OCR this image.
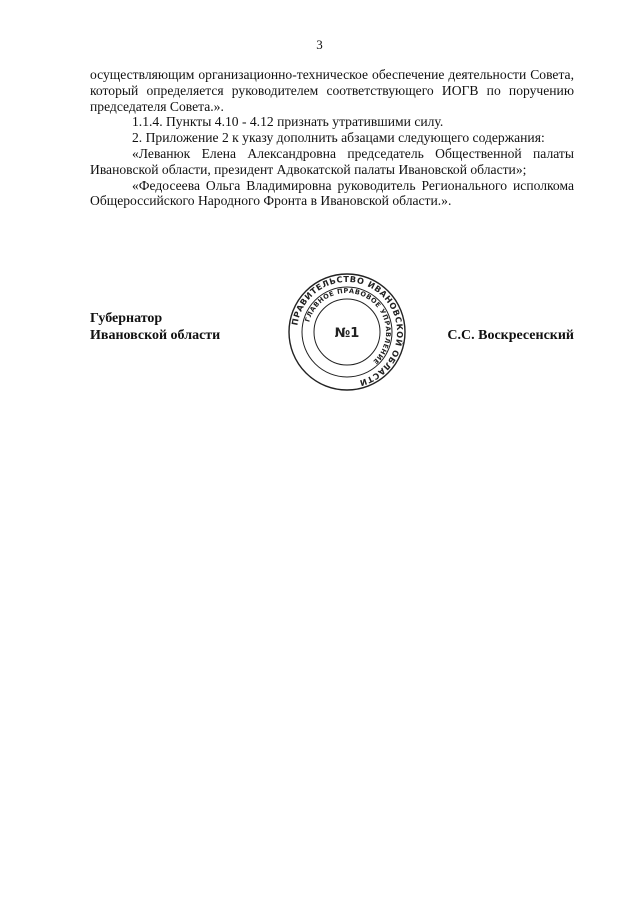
3

осуществляющим организационно-техническое обеспечение деятельности Совета, который определяется руководителем соответствующего ИОГВ по поручению председателя Совета.».

1.1.4. Пункты 4.10 - 4.12 признать утратившими силу.

2. Приложение 2 к указу дополнить абзацами следующего содержания:

«Леванюк Елена Александровна председатель Общественной палаты Ивановской области, президент Адвокатской палаты Ивановской области»;

«Федосеева Ольга Владимировна руководитель Регионального исполкома Общероссийского Народного Фронта в Ивановской области.».

Губернатор
Ивановской области	С.С. Воскресенский
ПРАВИТЕЛЬСТВО ИВАНОВСКОЙ ОБЛАСТИ
ГЛАВНОЕ ПРАВОВОЕ УПРАВЛЕНИЕ
№1
